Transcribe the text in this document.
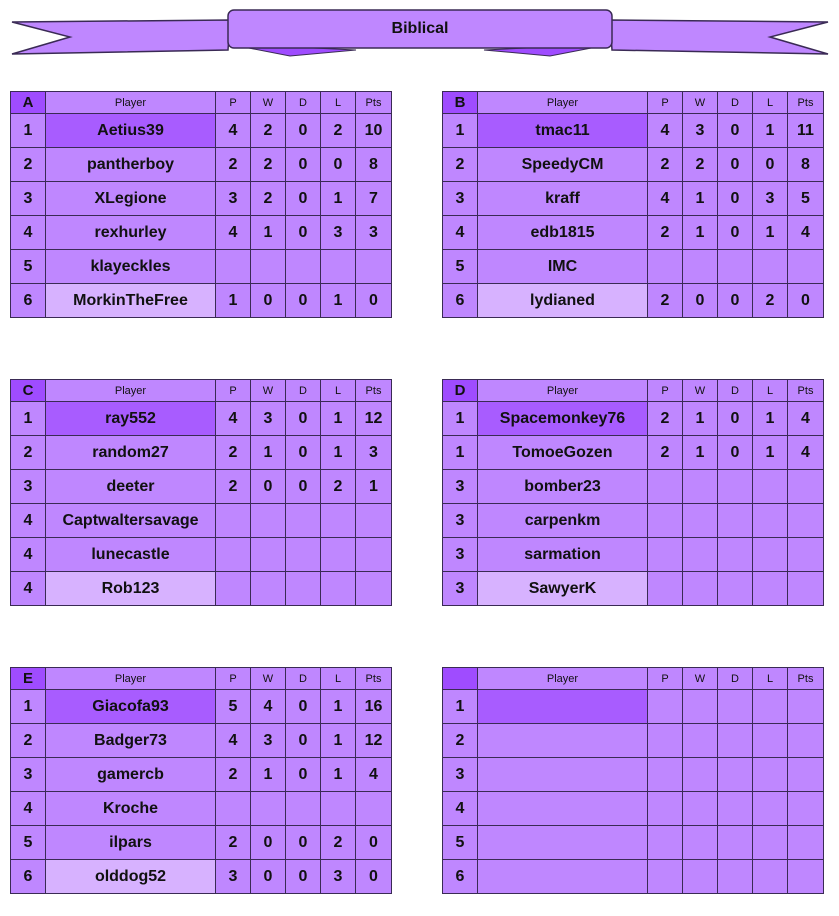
Biblical
A	Player	P	W	D	L	Pts
1	Aetius39	4	2	0	2	10
2	pantherboy	2	2	0	0	8
3	XLegione	3	2	0	1	7
4	rexhurley	4	1	0	3	3
5	klayeckles					
6	MorkinTheFree	1	0	0	1	0
B	Player	P	W	D	L	Pts
1	tmac11	4	3	0	1	11
2	SpeedyCM	2	2	0	0	8
3	kraff	4	1	0	3	5
4	edb1815	2	1	0	1	4
5	IMC					
6	lydianed	2	0	0	2	0
C	Player	P	W	D	L	Pts
1	ray552	4	3	0	1	12
2	random27	2	1	0	1	3
3	deeter	2	0	0	2	1
4	Captwaltersavage					
4	lunecastle					
4	Rob123					
D	Player	P	W	D	L	Pts
1	Spacemonkey76	2	1	0	1	4
1	TomoeGozen	2	1	0	1	4
3	bomber23					
3	carpenkm					
3	sarmation					
3	SawyerK					
E	Player	P	W	D	L	Pts
1	Giacofa93	5	4	0	1	16
2	Badger73	4	3	0	1	12
3	gamercb	2	1	0	1	4
4	Kroche					
5	ilpars	2	0	0	2	0
6	olddog52	3	0	0	3	0
	Player	P	W	D	L	Pts
1						
2						
3						
4						
5						
6						
